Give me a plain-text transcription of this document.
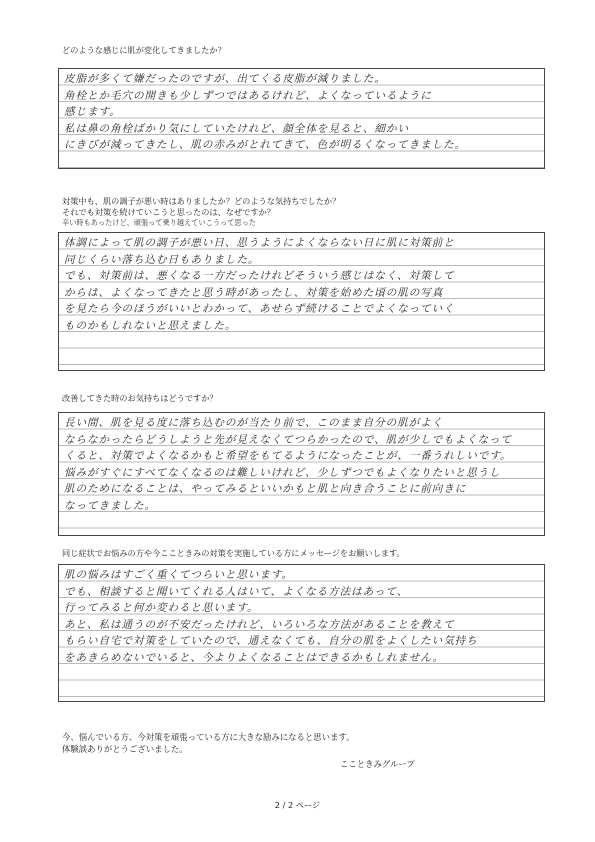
どのような感じに肌が変化してきましたか？
皮脂が多くて嫌だったのですが、出てくる皮脂が減りました。
角栓とか毛穴の開きも少しずつではあるけれど、よくなっているように
感じます。
私は鼻の角栓ばかり気にしていたけれど、顔全体を見ると、細かい
にきびが減ってきたし、肌の赤みがとれてきて、色が明るくなってきました。
対策中も、肌の調子が悪い時はありましたか？どのような気持ちでしたか？
それでも対策を続けていこうと思ったのは、なぜですか？
辛い時もあったけど、頑張って乗り越えていこうって思った
体調によって肌の調子が悪い日、思うようによくならない日に肌に対策前と
同じくらい落ち込む日もありました。
でも、対策前は、悪くなる一方だったけれどそういう感じはなく、対策して
からは、よくなってきたと思う時があったし、対策を始めた頃の肌の写真
を見たら今のほうがいいとわかって、あせらず続けることでよくなっていく
ものかもしれないと思えました。
改善してきた時のお気持ちはどうですか？
長い間、肌を見る度に落ち込むのが当たり前で、このまま自分の肌がよく
ならなかったらどうしようと先が見えなくてつらかったので、肌が少しでもよくなって
くると、対策でよくなるかもと希望をもてるようになったことが、一番うれしいです。
悩みがすぐにすべてなくなるのは難しいけれど、少しずつでもよくなりたいと思うし
肌のためになることは、やってみるといいかもと肌と向き合うことに前向きに
なってきました。
同じ症状でお悩みの方や今ここときみの対策を実施している方にメッセージをお願いします。
肌の悩みはすごく重くてつらいと思います。
でも、相談すると聞いてくれる人はいて、よくなる方法はあって、
行ってみると何か変わると思います。
あと、私は通うのが不安だったけれど、いろいろな方法があることを教えて
もらい自宅で対策をしていたので、通えなくても、自分の肌をよくしたい気持ち
をあきらめないでいると、今よりよくなることはできるかもしれません。
今、悩んでいる方、今対策を頑張っている方に大きな励みになると思います。
体験談ありがとうございました。
ここときみグループ
2 / 2 ページ
